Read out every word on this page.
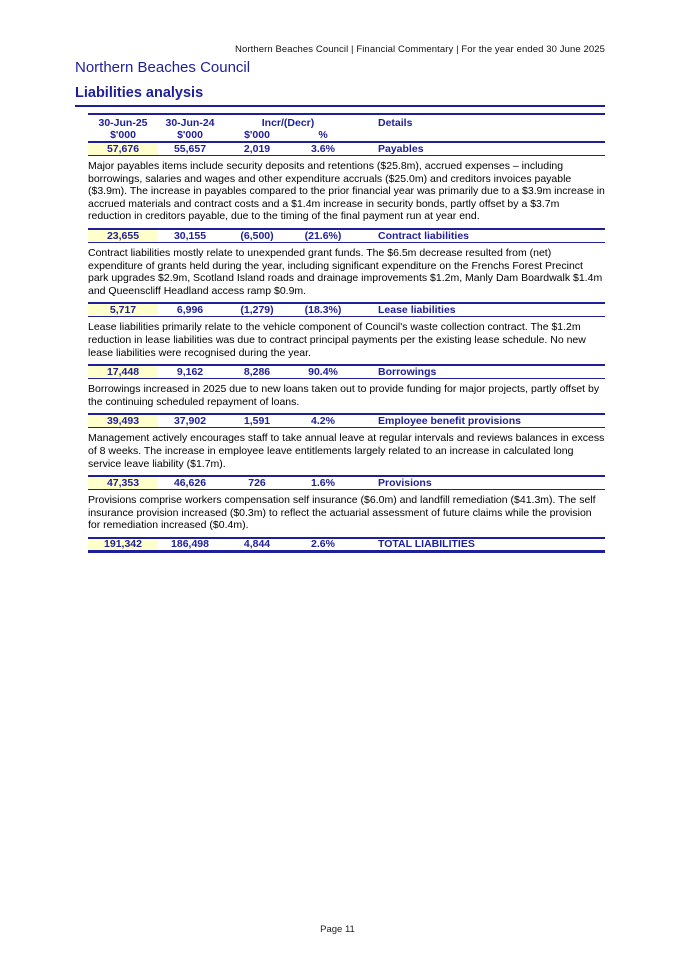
Northern Beaches Council | Financial Commentary | For the year ended 30 June 2025
Northern Beaches Council
Liabilities analysis
30-Jun-25	30-Jun-24	Incr/(Decr)	Details
$'000	$'000	$'000	%
57,676	55,657	2,019	3.6%	Payables

Major payables items include security deposits and retentions ($25.8m), accrued expenses – including borrowings, salaries and wages and other expenditure accruals ($25.0m) and creditors invoices payable ($3.9m). The increase in payables compared to the prior financial year was primarily due to a $3.9m increase in accrued materials and contract costs and a $1.4m increase in security bonds, partly offset by a $3.7m reduction in creditors payable, due to the timing of the final payment run at year end.

23,655	30,155	(6,500)	(21.6%)	Contract liabilities

Contract liabilities mostly relate to unexpended grant funds. The $6.5m decrease resulted from (net) expenditure of grants held during the year, including significant expenditure on the Frenchs Forest Precinct park upgrades $2.9m, Scotland Island roads and drainage improvements $1.2m, Manly Dam Boardwalk $1.4m and Queenscliff Headland access ramp $0.9m.

5,717	6,996	(1,279)	(18.3%)	Lease liabilities

Lease liabilities primarily relate to the vehicle component of Council's waste collection contract. The $1.2m reduction in lease liabilities was due to contract principal payments per the existing lease schedule. No new lease liabilities were recognised during the year.

17,448	9,162	8,286	90.4%	Borrowings

Borrowings increased in 2025 due to new loans taken out to provide funding for major projects, partly offset by the continuing scheduled repayment of loans.

39,493	37,902	1,591	4.2%	Employee benefit provisions

Management actively encourages staff to take annual leave at regular intervals and reviews balances in excess of 8 weeks. The increase in employee leave entitlements largely related to an increase in calculated long service leave liability ($1.7m).

47,353	46,626	726	1.6%	Provisions

Provisions comprise workers compensation self insurance ($6.0m) and landfill remediation ($41.3m). The self insurance provision increased ($0.3m) to reflect the actuarial assessment of future claims while the provision for remediation increased ($0.4m).

191,342	186,498	4,844	2.6%	TOTAL LIABILITIES
Page 11
